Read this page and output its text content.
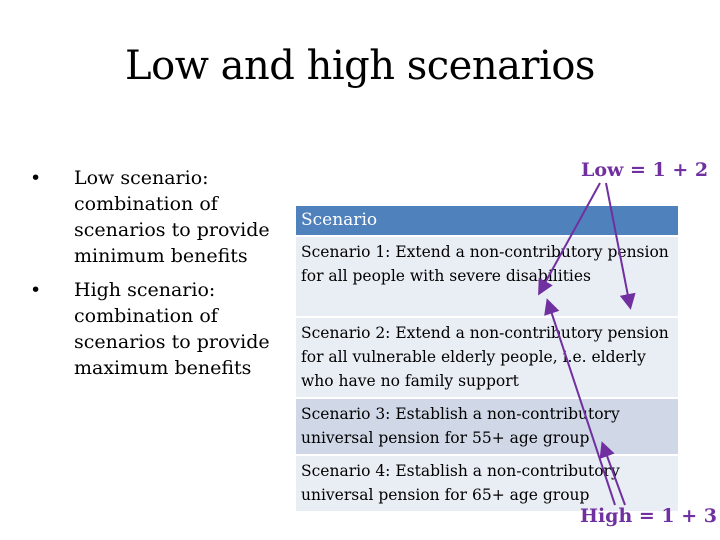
Low and high scenarios
• Low scenario: combination of scenarios to provide minimum benefits
• High scenario: combination of scenarios to provide maximum benefits
Low = 1 + 2
Scenario
Scenario 1: Extend a non-contributory pension for all people with severe disabilities
Scenario 2: Extend a non-contributory pension for all vulnerable elderly people, i.e. elderly who have no family support
Scenario 3: Establish a non-contributory universal pension for 55+ age group
Scenario 4: Establish a non-contributory universal pension for 65+ age group
High = 1 + 3
